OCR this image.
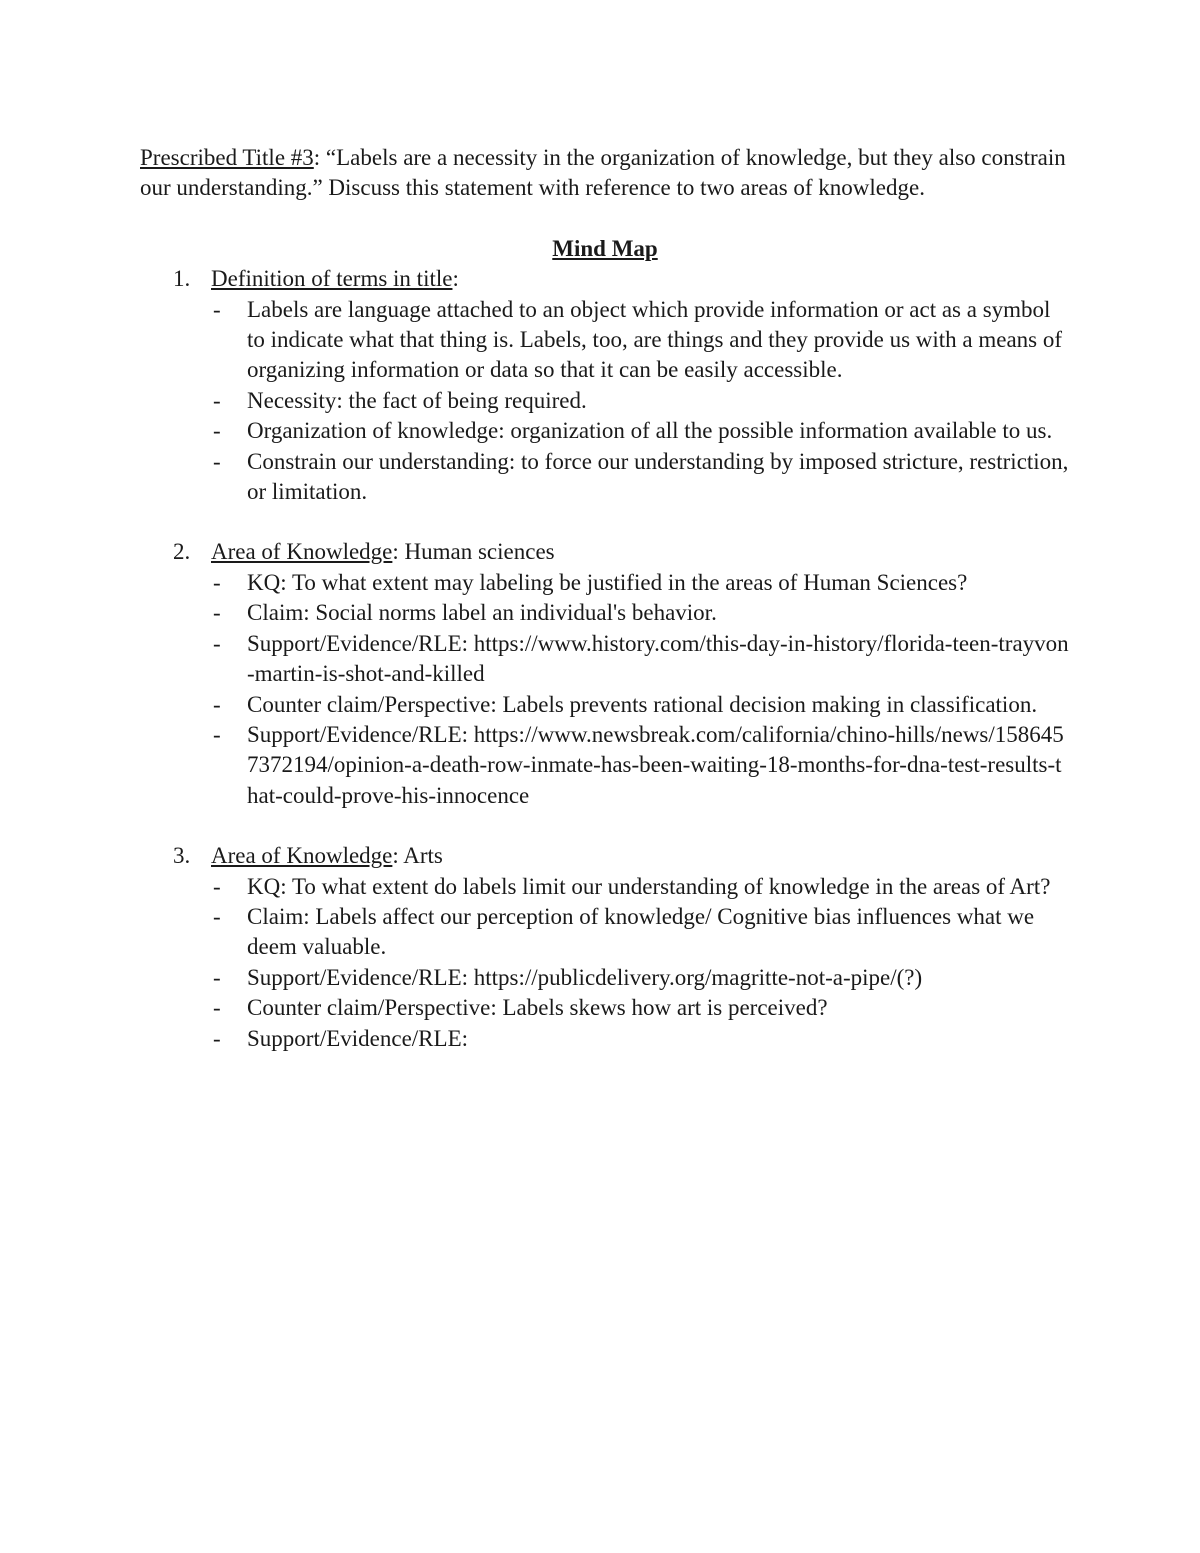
Prescribed Title #3: “Labels are a necessity in the organization of knowledge, but they also constrain our understanding.” Discuss this statement with reference to two areas of knowledge.

Mind Map
1. Definition of terms in title:
- Labels are language attached to an object which provide information or act as a symbol to indicate what that thing is. Labels, too, are things and they provide us with a means of organizing information or data so that it can be easily accessible.
- Necessity: the fact of being required.
- Organization of knowledge: organization of all the possible information available to us.
- Constrain our understanding: to force our understanding by imposed stricture, restriction, or limitation.
2. Area of Knowledge: Human sciences
- KQ: To what extent may labeling be justified in the areas of Human Sciences?
- Claim: Social norms label an individual's behavior.
- Support/Evidence/RLE: https://www.history.com/this-day-in-history/florida-teen-trayvon-martin-is-shot-and-killed
- Counter claim/Perspective: Labels prevents rational decision making in classification.
- Support/Evidence/RLE: https://www.newsbreak.com/california/chino-hills/news/1586457372194/opinion-a-death-row-inmate-has-been-waiting-18-months-for-dna-test-results-that-could-prove-his-innocence
3. Area of Knowledge: Arts
- KQ: To what extent do labels limit our understanding of knowledge in the areas of Art?
- Claim: Labels affect our perception of knowledge/ Cognitive bias influences what we deem valuable.
- Support/Evidence/RLE: https://publicdelivery.org/magritte-not-a-pipe/(?)
- Counter claim/Perspective: Labels skews how art is perceived?
- Support/Evidence/RLE:
